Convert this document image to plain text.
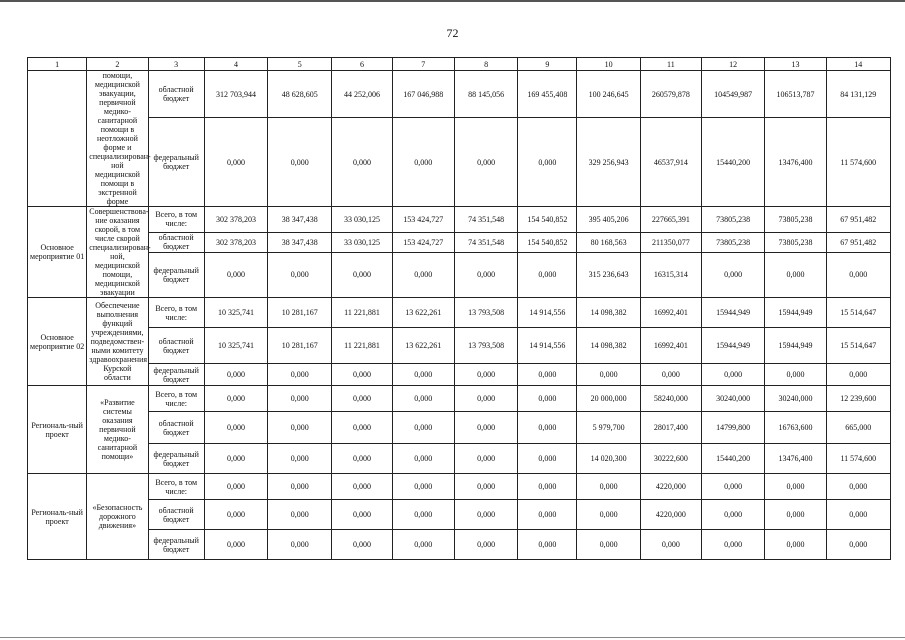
72
1	2	3	4	5	6	7	8	9	10	11	12	13	14
	помощи, медицинской эвакуации, первичной медико-санитарной помощи в неотложной форме и специализирован-ной медицинской помощи в экстренной форме	областной бюджет	312 703,944	48 628,605	44 252,006	167 046,988	88 145,056	169 455,408	100 246,645	260579,878	104549,987	106513,787	84 131,129
		федеральный бюджет	0,000	0,000	0,000	0,000	0,000	0,000	329 256,943	46537,914	15440,200	13476,400	11 574,600
Основное мероприятие 01	Совершенствова-ние оказания скорой, в том числе скорой специализирован-ной, медицинской помощи, медицинской эвакуации	Всего, в том числе:	302 378,203	38 347,438	33 030,125	153 424,727	74 351,548	154 540,852	395 405,206	227665,391	73805,238	73805,238	67 951,482
		областной бюджет	302 378,203	38 347,438	33 030,125	153 424,727	74 351,548	154 540,852	80 168,563	211350,077	73805,238	73805,238	67 951,482
		федеральный бюджет	0,000	0,000	0,000	0,000	0,000	0,000	315 236,643	16315,314	0,000	0,000	0,000
Основное мероприятие 02	Обеспечение выполнения функций учреждениями, подведомствен-ными комитету здравоохранения Курской области	Всего, в том числе:	10 325,741	10 281,167	11 221,881	13 622,261	13 793,508	14 914,556	14 098,382	16992,401	15944,949	15944,949	15 514,647
		областной бюджет	10 325,741	10 281,167	11 221,881	13 622,261	13 793,508	14 914,556	14 098,382	16992,401	15944,949	15944,949	15 514,647
		федеральный бюджет	0,000	0,000	0,000	0,000	0,000	0,000	0,000	0,000	0,000	0,000	0,000
Региональ-ный проект	«Развитие системы оказания первичной медико-санитарной помощи»	Всего, в том числе:	0,000	0,000	0,000	0,000	0,000	0,000	20 000,000	58240,000	30240,000	30240,000	12 239,600
		областной бюджет	0,000	0,000	0,000	0,000	0,000	0,000	5 979,700	28017,400	14799,800	16763,600	665,000
		федеральный бюджет	0,000	0,000	0,000	0,000	0,000	0,000	14 020,300	30222,600	15440,200	13476,400	11 574,600
Региональ-ный проект	«Безопасность дорожного движения»	Всего, в том числе:	0,000	0,000	0,000	0,000	0,000	0,000	0,000	4220,000	0,000	0,000	0,000
		областной бюджет	0,000	0,000	0,000	0,000	0,000	0,000	0,000	4220,000	0,000	0,000	0,000
		федеральный бюджет	0,000	0,000	0,000	0,000	0,000	0,000	0,000	0,000	0,000	0,000	0,000
